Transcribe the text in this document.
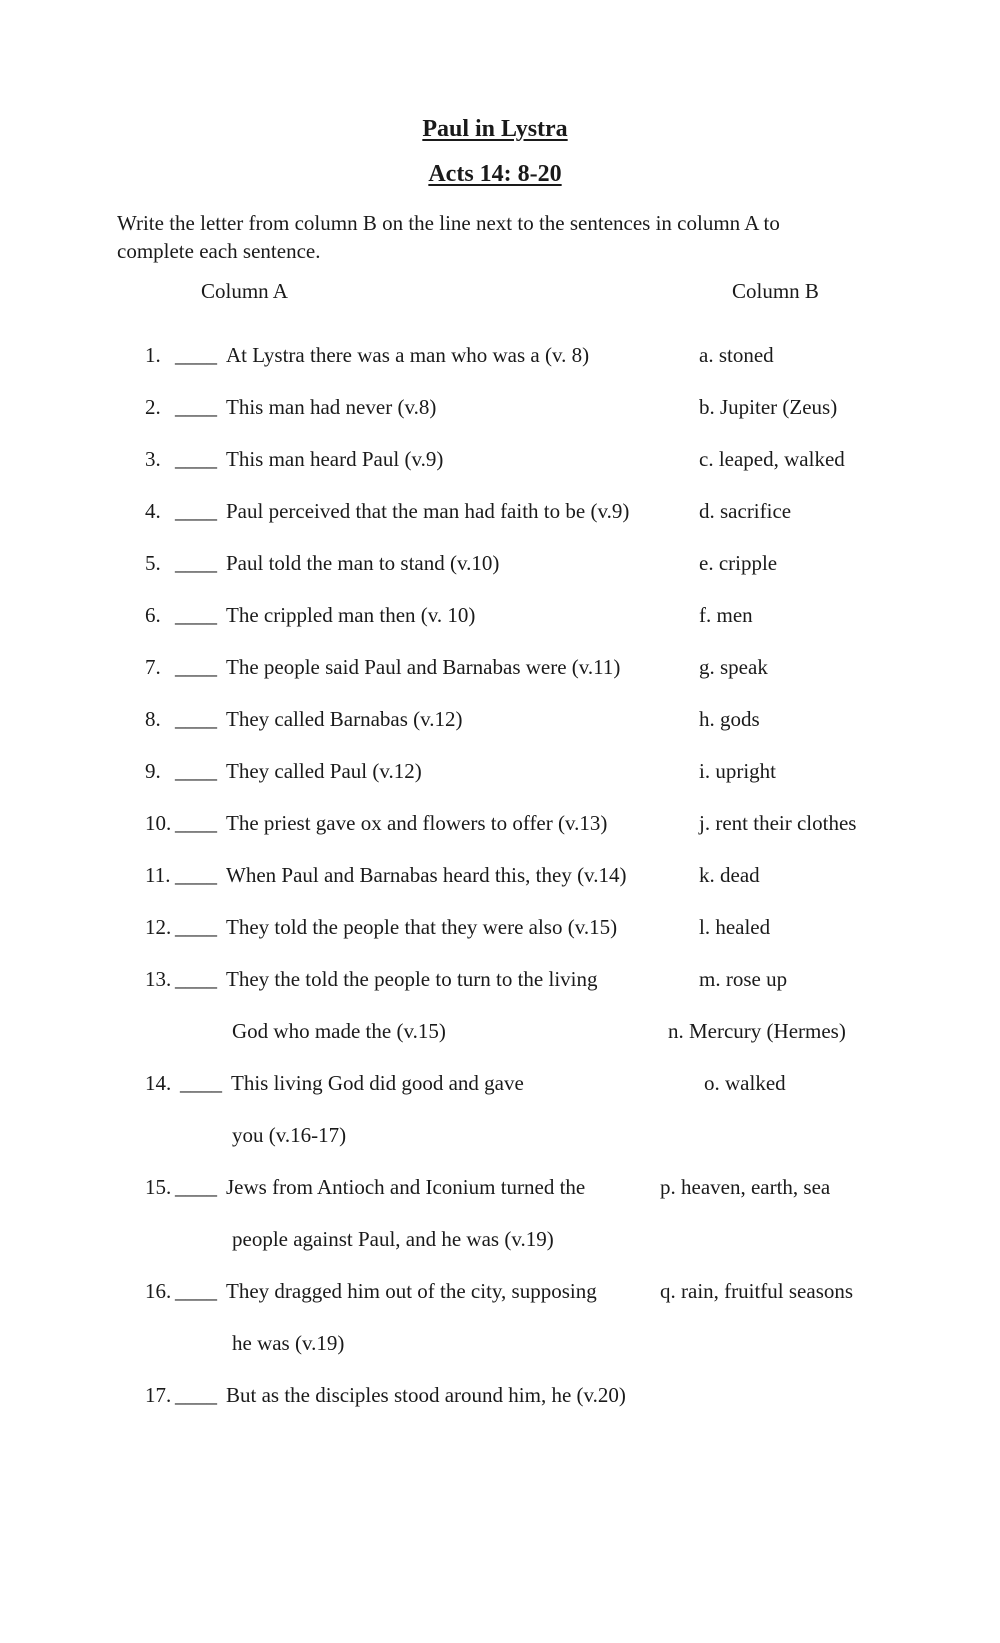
Paul in Lystra
Acts 14: 8-20

Write the letter from column B on the line next to the sentences in column A to complete each sentence.

Column A	Column B

1. ____ At Lystra there was a man who was a (v. 8)
2. ____ This man had never (v.8)
3. ____ This man heard Paul (v.9)
4. ____ Paul perceived that the man had faith to be (v.9)
5. ____ Paul told the man to stand (v.10)
6. ____ The crippled man then (v. 10)
7. ____ The people said Paul and Barnabas were (v.11)
8. ____ They called Barnabas (v.12)
9. ____ They called Paul (v.12)
10. ____ The priest gave ox and flowers to offer (v.13)
11. ____ When Paul and Barnabas heard this, they (v.14)
12. ____ They told the people that they were also (v.15)
13. ____ They the told the people to turn to the living
God who made the (v.15)
14. ____ This living God did good and gave
you (v.16-17)
15. ____ Jews from Antioch and Iconium turned the
people against Paul, and he was (v.19)
16. ____ They dragged him out of the city, supposing
he was (v.19)
17. ____ But as the disciples stood around him, he (v.20)
a. stoned
b. Jupiter (Zeus)
c. leaped, walked
d. sacrifice
e. cripple
f. men
g. speak
h. gods
i. upright
j. rent their clothes
k. dead
l. healed
m. rose up
n. Mercury (Hermes)
o. walked
p. heaven, earth, sea
q. rain, fruitful seasons
